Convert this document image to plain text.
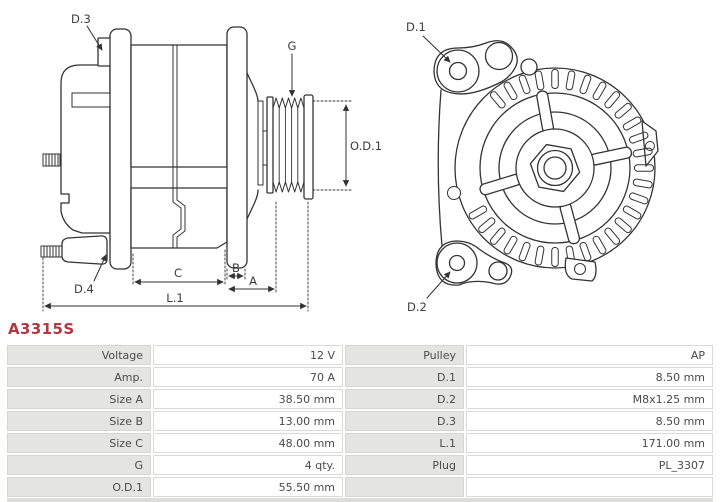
D.3
G
O.D.1
D.4
C	B
A
L.1
D.1
D.2
A3315S
Voltage	12 V	Pulley	AP
Amp.	70 A	D.1	8.50 mm
Size A	38.50 mm	D.2	M8x1.25 mm
Size B	13.00 mm	D.3	8.50 mm
Size C	48.00 mm	L.1	171.00 mm
G	4 qty.	Plug	PL_3307
O.D.1	55.50 mm
